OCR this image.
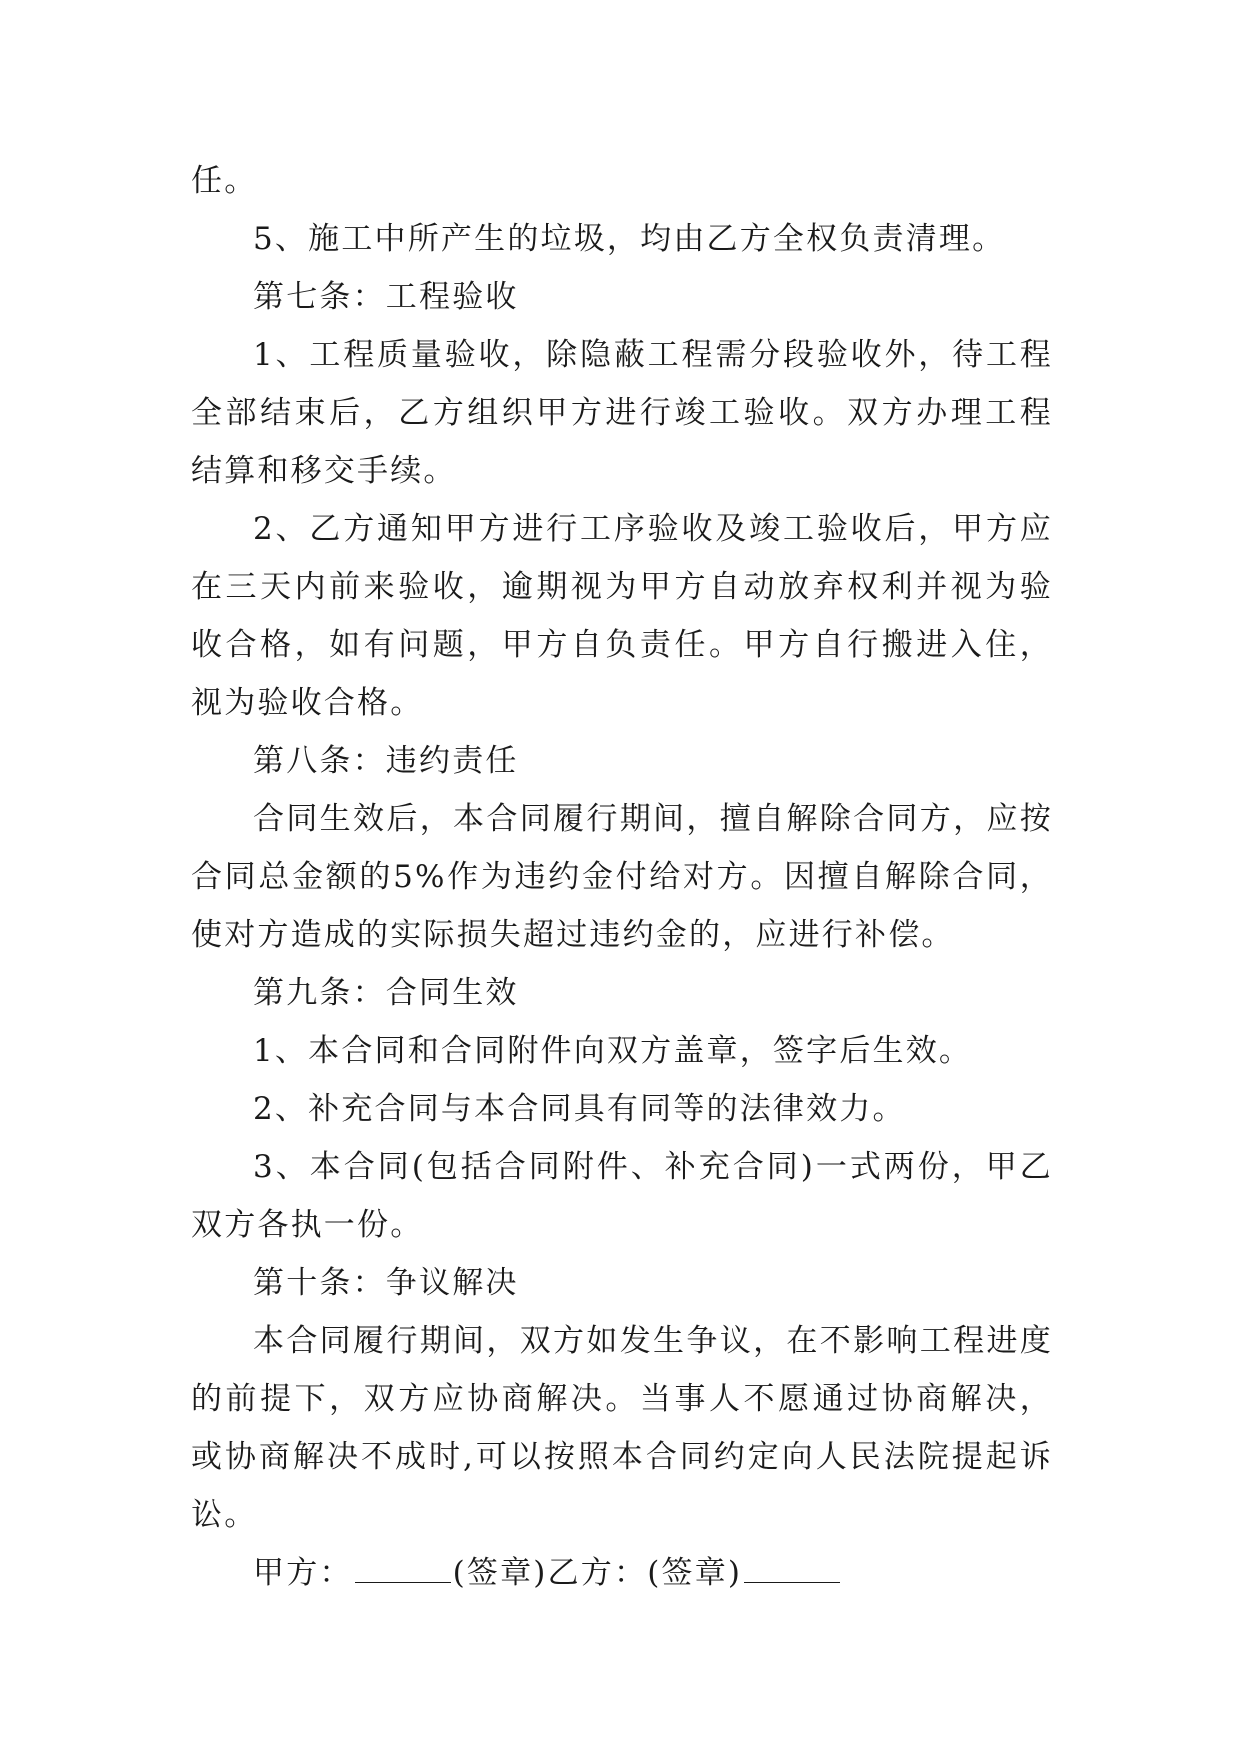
任。

5、施工中所产生的垃圾，均由乙方全权负责清理。

第七条：工程验收

1、工程质量验收，除隐蔽工程需分段验收外，待工程全部结束后，乙方组织甲方进行竣工验收。双方办理工程结算和移交手续。

2、乙方通知甲方进行工序验收及竣工验收后，甲方应在三天内前来验收，逾期视为甲方自动放弃权利并视为验收合格，如有问题，甲方自负责任。甲方自行搬进入住，视为验收合格。

第八条：违约责任

合同生效后，本合同履行期间，擅自解除合同方，应按合同总金额的5%作为违约金付给对方。因擅自解除合同，使对方造成的实际损失超过违约金的，应进行补偿。

第九条：合同生效

1、本合同和合同附件向双方盖章，签字后生效。

2、补充合同与本合同具有同等的法律效力。

3、本合同(包括合同附件、补充合同)一式两份，甲乙双方各执一份。

第十条：争议解决

本合同履行期间，双方如发生争议，在不影响工程进度的前提下，双方应协商解决。当事人不愿通过协商解决，或协商解决不成时,可以按照本合同约定向人民法院提起诉讼。

甲方：	(签章)乙方：(签章)
